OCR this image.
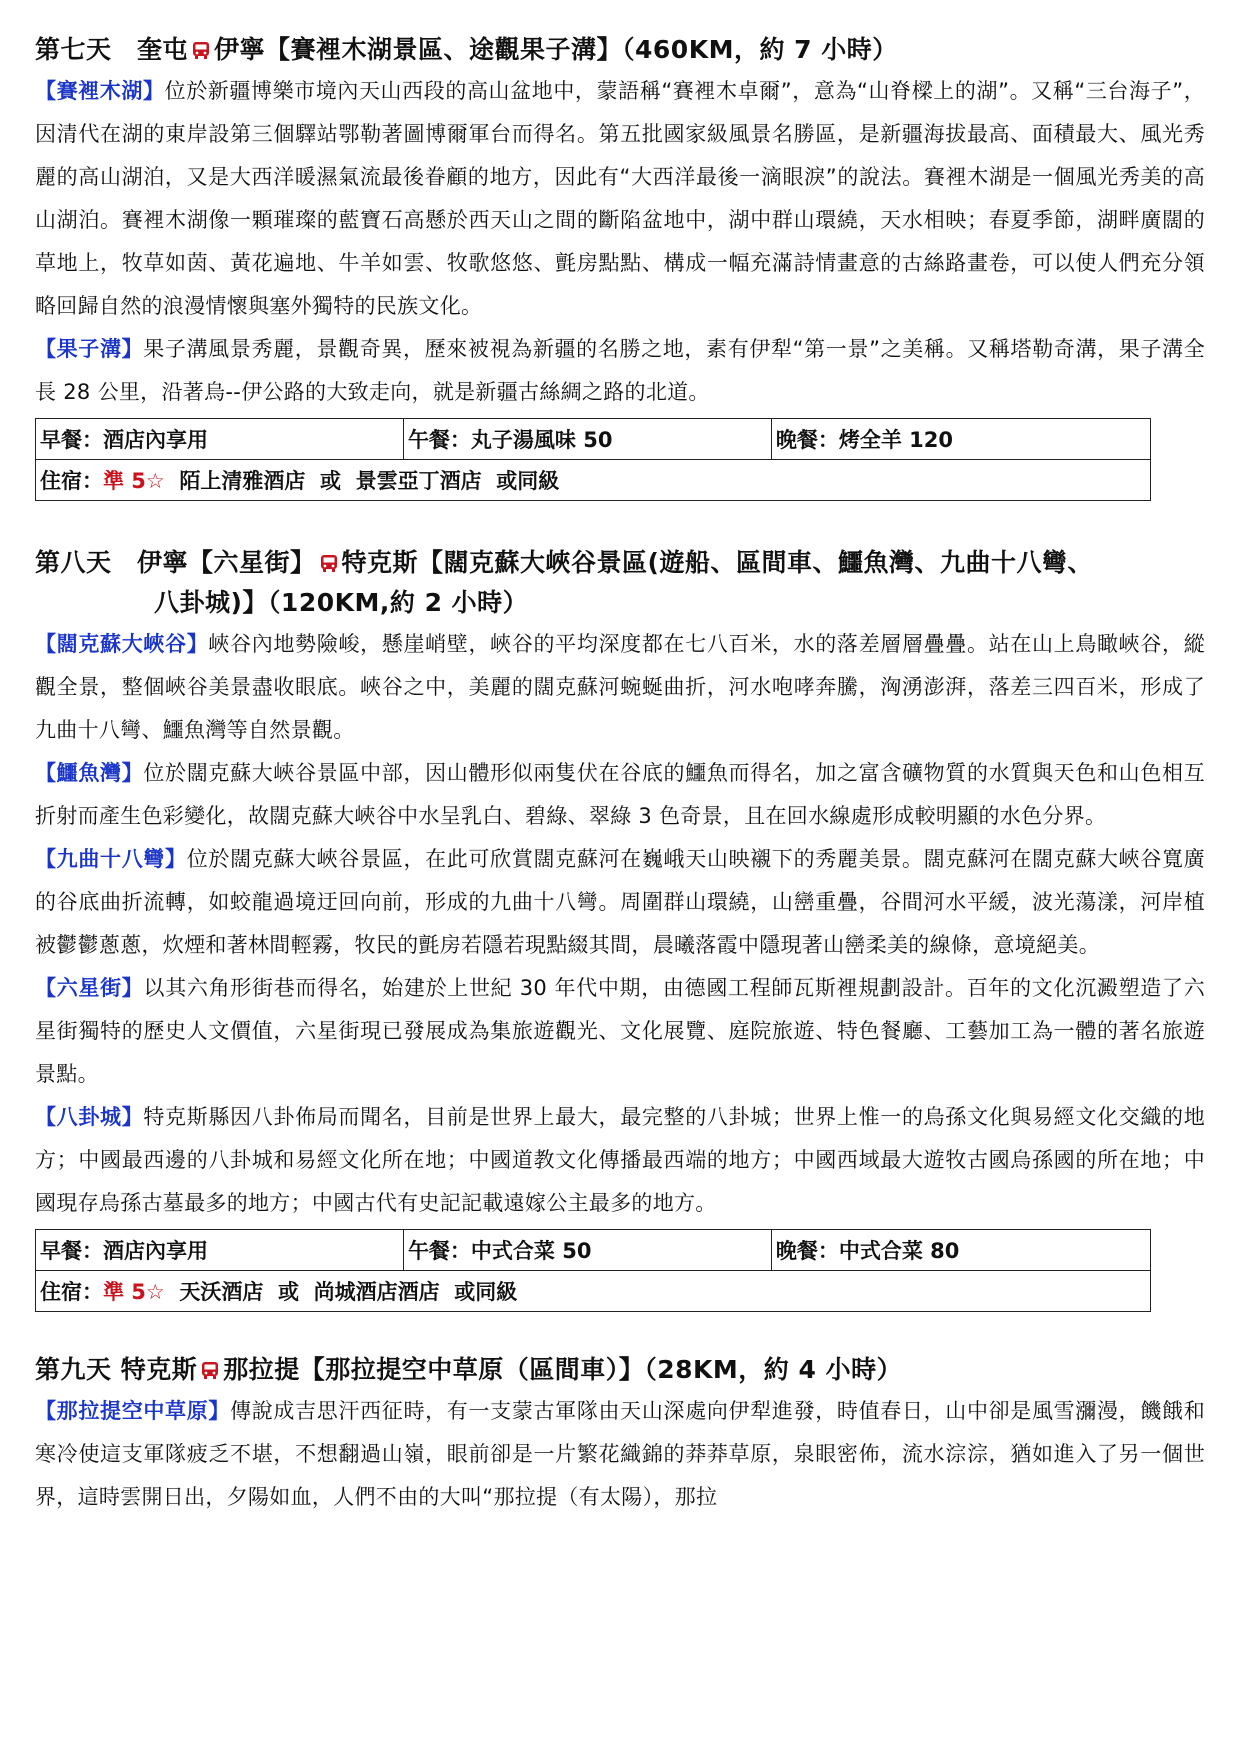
第七天　奎屯 伊寧【賽裡木湖景區、途觀果子溝】（460KM，約 7 小時）

【賽裡木湖】位於新疆博樂市境內天山西段的高山盆地中，蒙語稱“賽裡木卓爾”，意為“山脊樑上的湖”。又稱“三台海子”，因清代在湖的東岸設第三個驛站鄂勒著圖博爾軍台而得名。第五批國家級風景名勝區，是新疆海拔最高、面積最大、風光秀麗的高山湖泊，又是大西洋暖濕氣流最後眷顧的地方，因此有“大西洋最後一滴眼淚”的說法。賽裡木湖是一個風光秀美的高山湖泊。賽裡木湖像一顆璀璨的藍寶石高懸於西天山之間的斷陷盆地中，湖中群山環繞，天水相映；春夏季節，湖畔廣闊的草地上，牧草如茵、黃花遍地、牛羊如雲、牧歌悠悠、氈房點點、構成一幅充滿詩情畫意的古絲路畫卷，可以使人們充分領略回歸自然的浪漫情懷與塞外獨特的民族文化。

【果子溝】果子溝風景秀麗，景觀奇異，歷來被視為新疆的名勝之地，素有伊犁“第一景”之美稱。又稱塔勒奇溝，果子溝全長 28 公里，沿著烏--伊公路的大致走向，就是新疆古絲綢之路的北道。

早餐：酒店內享用	午餐：丸子湯風味 50	晚餐：烤全羊 120
住宿：準 5☆  陌上清雅酒店  或  景雲亞丁酒店  或同級
第八天　伊寧【六星街】 特克斯【闊克蘇大峽谷景區(遊船、區間車、鱷魚灣、九曲十八彎、
八卦城)】（120KM,約 2 小時）

【闊克蘇大峽谷】峽谷內地勢險峻，懸崖峭壁，峽谷的平均深度都在七八百米，水的落差層層疊疊。站在山上鳥瞰峽谷，縱觀全景，整個峽谷美景盡收眼底。峽谷之中，美麗的闊克蘇河蜿蜒曲折，河水咆哮奔騰，洶湧澎湃，落差三四百米，形成了九曲十八彎、鱷魚灣等自然景觀。

【鱷魚灣】位於闊克蘇大峽谷景區中部，因山體形似兩隻伏在谷底的鱷魚而得名，加之富含礦物質的水質與天色和山色相互折射而產生色彩變化，故闊克蘇大峽谷中水呈乳白、碧綠、翠綠 3 色奇景，且在回水線處形成較明顯的水色分界。

【九曲十八彎】位於闊克蘇大峽谷景區，在此可欣賞闊克蘇河在巍峨天山映襯下的秀麗美景。闊克蘇河在闊克蘇大峽谷寬廣的谷底曲折流轉，如蛟龍過境迂回向前，形成的九曲十八彎。周圍群山環繞，山巒重疊，谷間河水平緩，波光蕩漾，河岸植被鬱鬱蔥蔥，炊煙和著林間輕霧，牧民的氈房若隱若現點綴其間，晨曦落霞中隱現著山巒柔美的線條，意境絕美。

【六星街】以其六角形街巷而得名，始建於上世紀 30 年代中期，由德國工程師瓦斯裡規劃設計。百年的文化沉澱塑造了六星街獨特的歷史人文價值，六星街現已發展成為集旅遊觀光、文化展覽、庭院旅遊、特色餐廳、工藝加工為一體的著名旅遊景點。

【八卦城】特克斯縣因八卦佈局而聞名，目前是世界上最大，最完整的八卦城；世界上惟一的烏孫文化與易經文化交織的地方；中國最西邊的八卦城和易經文化所在地；中國道教文化傳播最西端的地方；中國西域最大遊牧古國烏孫國的所在地；中國現存烏孫古墓最多的地方；中國古代有史記記載遠嫁公主最多的地方。

早餐：酒店內享用	午餐：中式合菜 50	晚餐：中式合菜 80
住宿：準 5☆  天沃酒店  或  尚城酒店酒店  或同級
第九天 特克斯 那拉提【那拉提空中草原（區間車）】（28KM，約 4 小時）

【那拉提空中草原】傳說成吉思汗西征時，有一支蒙古軍隊由天山深處向伊犁進發，時值春日，山中卻是風雪瀰漫，饑餓和寒冷使這支軍隊疲乏不堪，不想翻過山嶺，眼前卻是一片繁花織錦的莽莽草原，泉眼密佈，流水淙淙，猶如進入了另一個世界，這時雲開日出，夕陽如血，人們不由的大叫“那拉提（有太陽），那拉
